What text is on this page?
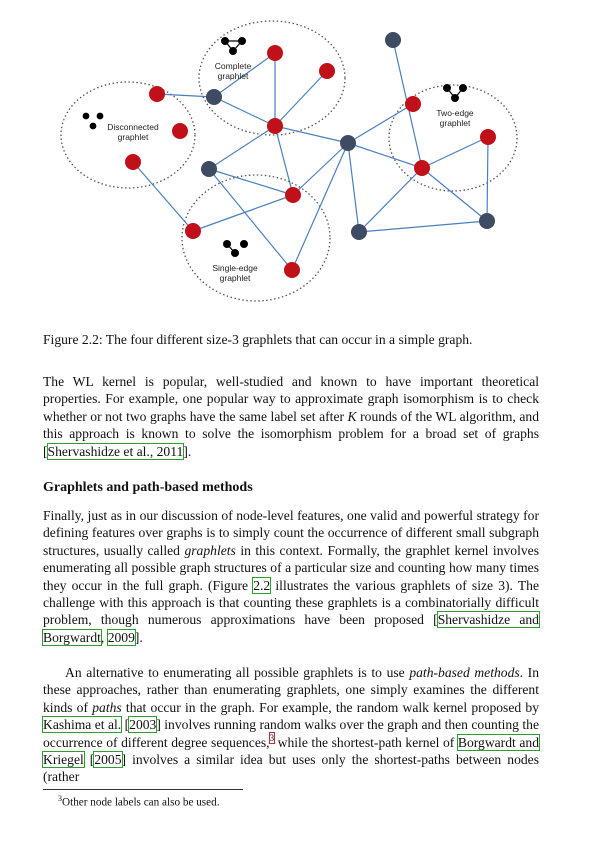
Complete
graphlet
Disconnected
graphlet
Two-edge
graphlet
Single-edge
graphlet
Figure 2.2: The four different size-3 graphlets that can occur in a simple graph.
The WL kernel is popular, well-studied and known to have important theoretical properties. For example, one popular way to approximate graph isomorphism is to check whether or not two graphs have the same label set after K rounds of the WL algorithm, and this approach is known to solve the isomorphism problem for a broad set of graphs [Shervashidze et al., 2011].
Graphlets and path-based methods
Finally, just as in our discussion of node-level features, one valid and powerful strategy for defining features over graphs is to simply count the occurrence of different small subgraph structures, usually called graphlets in this context. Formally, the graphlet kernel involves enumerating all possible graph structures of a particular size and counting how many times they occur in the full graph. (Figure 2.2 illustrates the various graphlets of size 3). The challenge with this approach is that counting these graphlets is a combinatorially difficult problem, though numerous approximations have been proposed [Shervashidze and Borgwardt, 2009].
An alternative to enumerating all possible graphlets is to use path-based methods. In these approaches, rather than enumerating graphlets, one simply examines the different kinds of paths that occur in the graph. For example, the random walk kernel proposed by Kashima et al. [2003] involves running random walks over the graph and then counting the occurrence of different degree sequences,$^3$ while the shortest-path kernel of Borgwardt and Kriegel [2005] involves a similar idea but uses only the shortest-paths between nodes (rather
$^3$Other node labels can also be used.
